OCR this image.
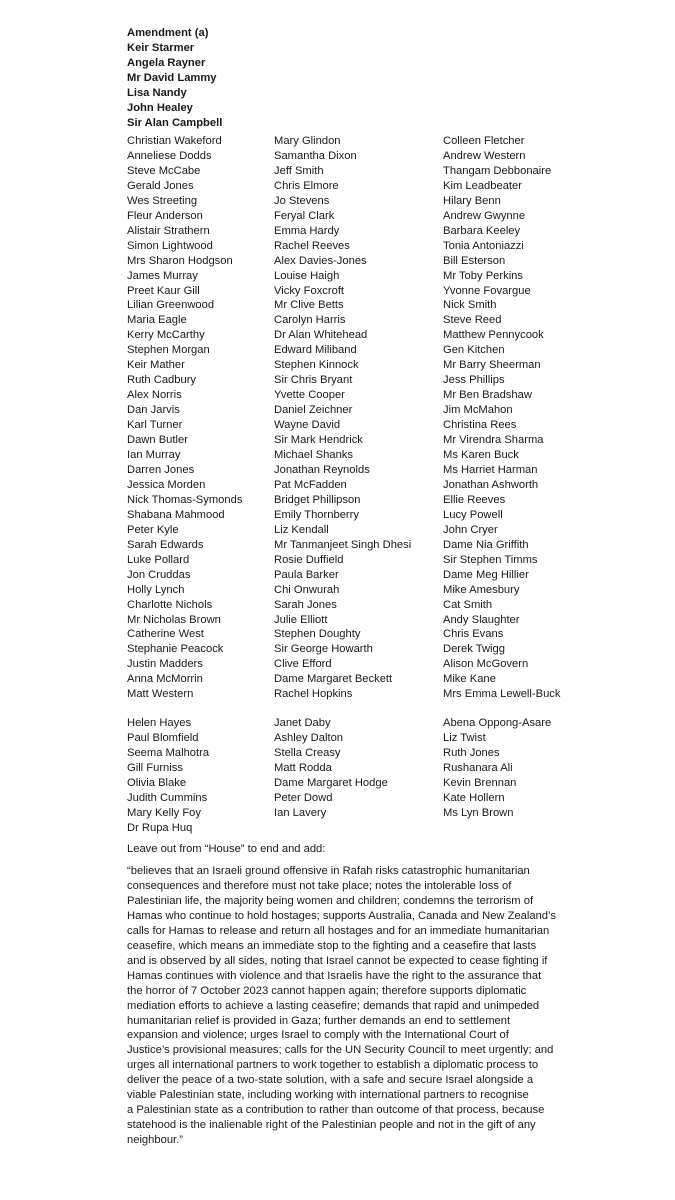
Amendment (a)
Keir Starmer
Angela Rayner
Mr David Lammy
Lisa Nandy
John Healey
Sir Alan Campbell
Christian Wakeford
Anneliese Dodds
Steve McCabe
Gerald Jones
Wes Streeting
Fleur Anderson
Alistair Strathern
Simon Lightwood
Mrs Sharon Hodgson
James Murray
Preet Kaur Gill
Lilian Greenwood
Maria Eagle
Kerry McCarthy
Stephen Morgan
Keir Mather
Ruth Cadbury
Alex Norris
Dan Jarvis
Karl Turner
Dawn Butler
Ian Murray
Darren Jones
Jessica Morden
Nick Thomas-Symonds
Shabana Mahmood
Peter Kyle
Sarah Edwards
Luke Pollard
Jon Cruddas
Holly Lynch
Charlotte Nichols
Mr Nicholas Brown
Catherine West
Stephanie Peacock
Justin Madders
Anna McMorrin
Matt Western
Mary Glindon
Samantha Dixon
Jeff Smith
Chris Elmore
Jo Stevens
Feryal Clark
Emma Hardy
Rachel Reeves
Alex Davies-Jones
Louise Haigh
Vicky Foxcroft
Mr Clive Betts
Carolyn Harris
Dr Alan Whitehead
Edward Miliband
Stephen Kinnock
Sir Chris Bryant
Yvette Cooper
Daniel Zeichner
Wayne David
Sir Mark Hendrick
Michael Shanks
Jonathan Reynolds
Pat McFadden
Bridget Phillipson
Emily Thornberry
Liz Kendall
Mr Tanmanjeet Singh Dhesi
Rosie Duffield
Paula Barker
Chi Onwurah
Sarah Jones
Julie Elliott
Stephen Doughty
Sir George Howarth
Clive Efford
Dame Margaret Beckett
Rachel Hopkins
Colleen Fletcher
Andrew Western
Thangam Debbonaire
Kim Leadbeater
Hilary Benn
Andrew Gwynne
Barbara Keeley
Tonia Antoniazzi
Bill Esterson
Mr Toby Perkins
Yvonne Fovargue
Nick Smith
Steve Reed
Matthew Pennycook
Gen Kitchen
Mr Barry Sheerman
Jess Phillips
Mr Ben Bradshaw
Jim McMahon
Christina Rees
Mr Virendra Sharma
Ms Karen Buck
Ms Harriet Harman
Jonathan Ashworth
Ellie Reeves
Lucy Powell
John Cryer
Dame Nia Griffith
Sir Stephen Timms
Dame Meg Hillier
Mike Amesbury
Cat Smith
Andy Slaughter
Chris Evans
Derek Twigg
Alison McGovern
Mike Kane
Mrs Emma Lewell-Buck
Helen Hayes
Paul Blomfield
Seema Malhotra
Gill Furniss
Olivia Blake
Judith Cummins
Mary Kelly Foy
Dr Rupa Huq
Janet Daby
Ashley Dalton
Stella Creasy
Matt Rodda
Dame Margaret Hodge
Peter Dowd
Ian Lavery
Abena Oppong-Asare
Liz Twist
Ruth Jones
Rushanara Ali
Kevin Brennan
Kate Hollern
Ms Lyn Brown
Leave out from “House” to end and add:
“believes that an Israeli ground offensive in Rafah risks catastrophic humanitarian
consequences and therefore must not take place; notes the intolerable loss of
Palestinian life, the majority being women and children; condemns the terrorism of
Hamas who continue to hold hostages; supports Australia, Canada and New Zealand’s
calls for Hamas to release and return all hostages and for an immediate humanitarian
ceasefire, which means an immediate stop to the fighting and a ceasefire that lasts
and is observed by all sides, noting that Israel cannot be expected to cease fighting if
Hamas continues with violence and that Israelis have the right to the assurance that
the horror of 7 October 2023 cannot happen again; therefore supports diplomatic
mediation efforts to achieve a lasting ceasefire; demands that rapid and unimpeded
humanitarian relief is provided in Gaza; further demands an end to settlement
expansion and violence; urges Israel to comply with the International Court of
Justice’s provisional measures; calls for the UN Security Council to meet urgently; and
urges all international partners to work together to establish a diplomatic process to
deliver the peace of a two-state solution, with a safe and secure Israel alongside a
viable Palestinian state, including working with international partners to recognise
a Palestinian state as a contribution to rather than outcome of that process, because
statehood is the inalienable right of the Palestinian people and not in the gift of any
neighbour.”
